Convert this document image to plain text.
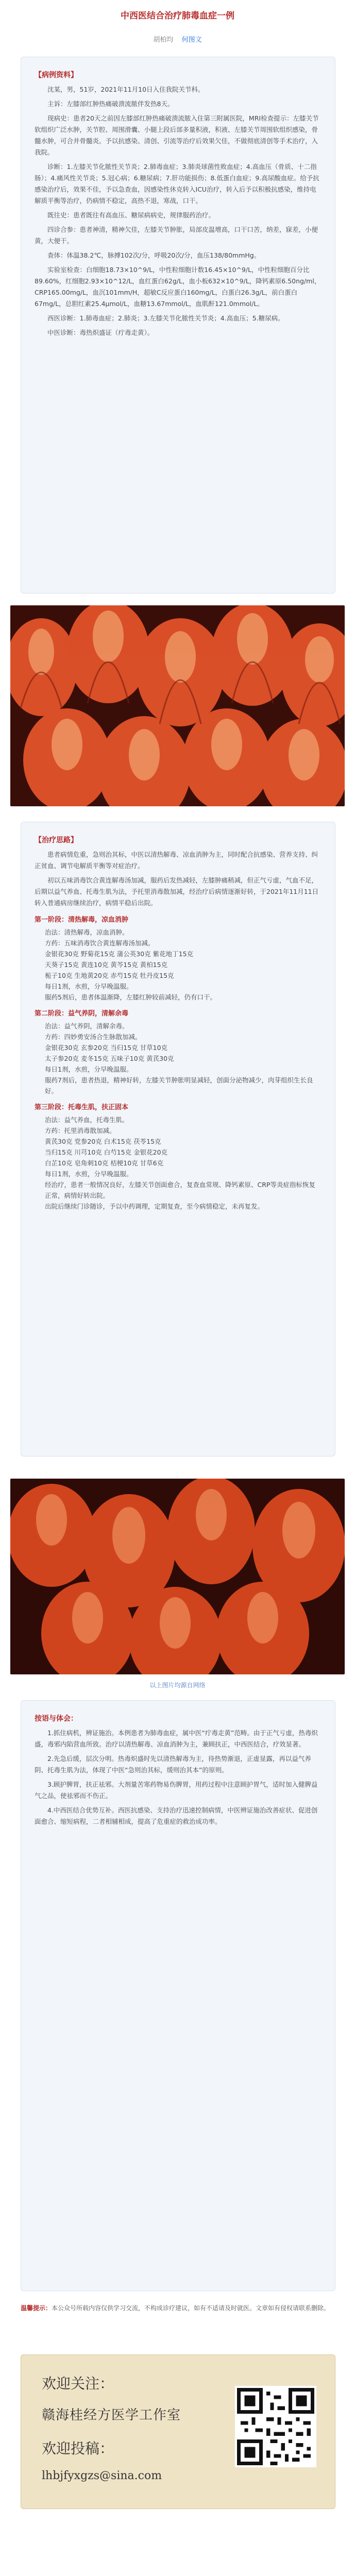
中西医结合治疗肺毒血症一例
胡柏均 何图文
【病例资料】

沈某，男，51岁，2021年11月10日入住我院关节科。

主诉：左膝部红肿热痛破溃流脓伴发热8天。

现病史：患者20天之前因左膝部红肿热痛破溃流脓入住第三附属医院，MRI检查提示：左膝关节软组织广泛水肿，关节腔、周围滑囊、小腿上段后部多量积液，积液、左膝关节周围软组织感染，骨髓水肿，可合并骨髓炎。予以抗感染、清创、引流等治疗后效果欠佳，不做彻底清创等手术治疗，入我院。

诊断：1.左膝关节化脓性关节炎；2.肺毒血症；3.肺炎球菌性败血症；4.高血压（骨质、十二指肠）；4.痛风性关节炎；5.冠心病；6.糖尿病；7.肝功能损伤；8.低蛋白血症；9.高尿酸血症。给予抗感染治疗后，效果不佳，予以急查血，因感染性休克转入ICU治疗，转入后予以积极抗感染，维持电解质平衡等治疗，仍病情不稳定，高热不退，寒战，口干。

既往史：患者既往有高血压、糖尿病病史，规律服药治疗。

四诊合参：患者神清，精神欠佳，左膝关节肿胀，局部皮温增高，口干口苦，纳差，寐差，小便黄，大便干。

查体：体温38.2℃，脉搏102次/分，呼吸20次/分，血压138/80mmHg。

实验室检查：白细胞18.73×10^9/L，中性粒细胞计数16.45×10^9/L，中性粒细胞百分比89.60%，红细胞2.93×10^12/L，血红蛋白62g/L，血小板632×10^9/L，降钙素原6.50ng/ml，CRP165.00mg/L，血沉101mm/H，超敏C反应蛋白160mg/L，白蛋白26.3g/L，前白蛋白67mg/L，总胆红素25.4μmol/L，血糖13.67mmol/L，血肌酐121.0mmol/L。

西医诊断：1.肺毒血症；2.肺炎；3.左膝关节化脓性关节炎；4.高血压；5.糖尿病。

中医诊断：毒热炽盛证（疔毒走黄）。

【治疗思路】

患者病情危重，急则治其标，中医以清热解毒、凉血消肿为主，同时配合抗感染、营养支持、纠正贫血、调节电解质平衡等对症治疗。

初以五味消毒饮合黄连解毒汤加减，服药后发热减轻，左膝肿痛稍减，但正气亏虚，气血不足，后期以益气养血、托毒生肌为法，予托里消毒散加减，经治疗后病情逐渐好转，于2021年11月11日转入普通病房继续治疗，病情平稳后出院。

第一阶段：清热解毒，凉血消肿
治法：清热解毒，凉血消肿。
方药：五味消毒饮合黄连解毒汤加减。
金银花30克 野菊花15克 蒲公英30克 紫花地丁15克
天葵子15克 黄连10克 黄芩15克 黄柏15克
栀子10克 生地黄20克 赤芍15克 牡丹皮15克
每日1剂，水煎，分早晚温服。
服药5剂后，患者体温渐降，左膝红肿较前减轻，仍有口干。
第二阶段：益气养阴，清解余毒
治法：益气养阴，清解余毒。
方药：四妙勇安汤合生脉散加减。
金银花30克 玄参20克 当归15克 甘草10克
太子参20克 麦冬15克 五味子10克 黄芪30克
每日1剂，水煎，分早晚温服。
服药7剂后，患者热退，精神好转，左膝关节肿胀明显减轻，创面分泌物减少，肉芽组织生长良好。
第三阶段：托毒生肌，扶正固本
治法：益气养血，托毒生肌。
方药：托里消毒散加减。
黄芪30克 党参20克 白术15克 茯苓15克
当归15克 川芎10克 白芍15克 金银花20克
白芷10克 皂角刺10克 桔梗10克 甘草6克
每日1剂，水煎，分早晚温服。
经治疗，患者一般情况良好，左膝关节创面愈合，复查血常规、降钙素原、CRP等炎症指标恢复正常，病情好转出院。
出院后继续门诊随诊，予以中药调理，定期复查，至今病情稳定，未再复发。
以上图片均源自网络
按语与体会：

1.抓住病机，辨证施治。本例患者为肺毒血症，属中医“疔毒走黄”范畴。由于正气亏虚，热毒炽盛，毒邪内陷营血所致。治疗以清热解毒、凉血消肿为主，兼顾扶正，中西医结合，疗效显著。

2.先急后缓，层次分明。热毒炽盛时先以清热解毒为主，待热势渐退，正虚显露，再以益气养阴、托毒生肌为法，体现了中医“急则治其标，缓则治其本”的原则。

3.顾护脾胃，扶正祛邪。大剂量苦寒药物易伤脾胃，用药过程中注意顾护胃气，适时加入健脾益气之品，使祛邪而不伤正。

4.中西医结合优势互补。西医抗感染、支持治疗迅速控制病情，中医辨证施治改善症状、促进创面愈合、缩短病程，二者相辅相成，提高了危重症的救治成功率。

温馨提示：本公众号所载内容仅供学习交流，不构成诊疗建议，如有不适请及时就医。文章如有侵权请联系删除。
欢迎关注：
赣海桂经方医学工作室
欢迎投稿：
lhbjfyxgzs@sina.com
